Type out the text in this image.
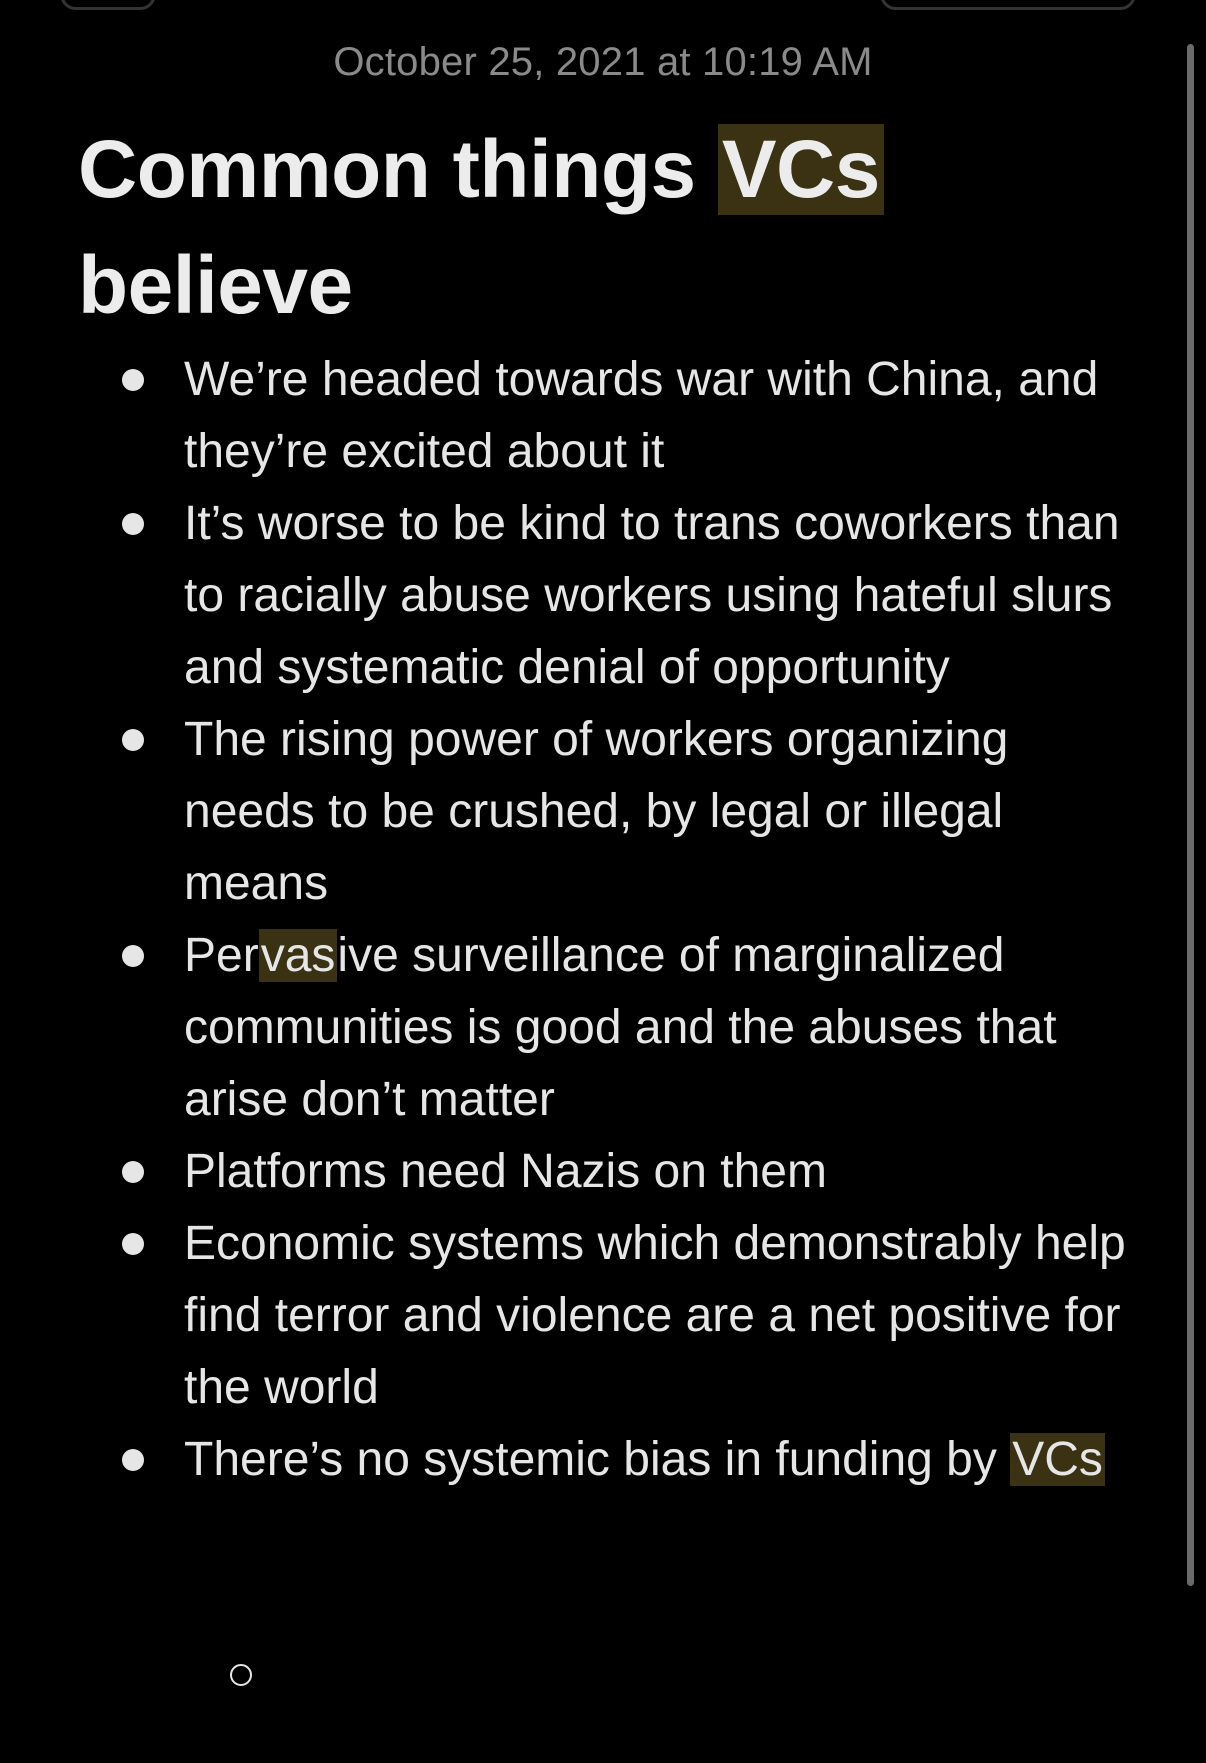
October 25, 2021 at 10:19 AM
Common things VCs believe
We’re headed towards war with China, and they’re excited about it
It’s worse to be kind to trans coworkers than to racially abuse workers using hateful slurs and systematic denial of opportunity
The rising power of workers organizing needs to be crushed, by legal or illegal means
Pervasive surveillance of marginalized communities is good and the abuses that arise don’t matter
Platforms need Nazis on them
Economic systems which demonstrably help find terror and violence are a net positive for the world
There’s no systemic bias in funding by VCs
